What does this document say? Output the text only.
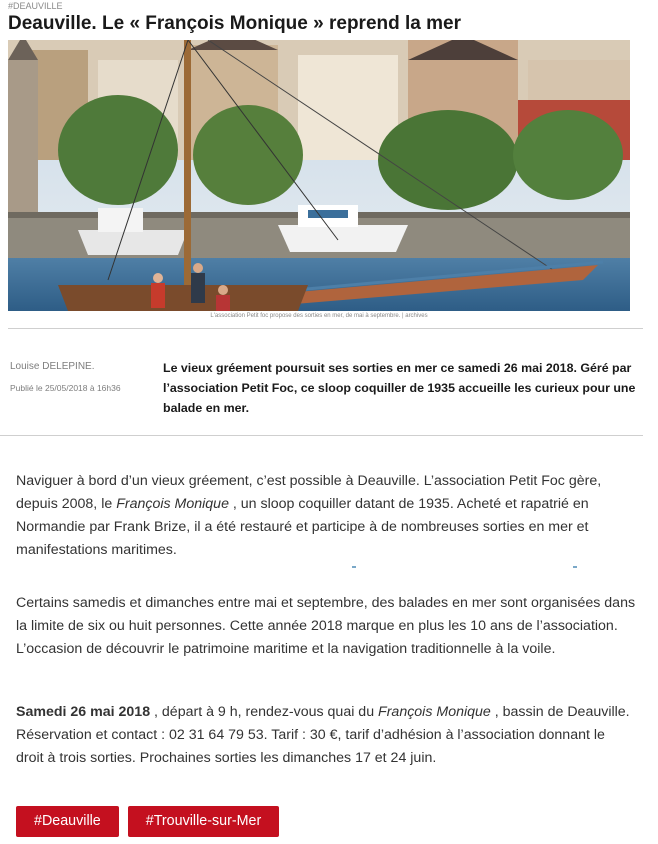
#DEAUVILLE
Deauville. Le « François Monique » reprend la mer
L'association Petit foc propose des sorties en mer, de mai à septembre. | archives
Louise DELEPINE.
Publié le 25/05/2018 à 16h36

Le vieux gréement poursuit ses sorties en mer ce samedi 26 mai 2018. Géré par l’association Petit Foc, ce sloop coquiller de 1935 accueille les curieux pour une balade en mer.

Naviguer à bord d’un vieux gréement, c’est possible à Deauville. L’association Petit Foc gère, depuis 2008, le François Monique , un sloop coquiller datant de 1935. Acheté et rapatrié en Normandie par Frank Brize, il a été restauré et participe à de nombreuses sorties en mer et manifestations maritimes.

Certains samedis et dimanches entre mai et septembre, des balades en mer sont organisées dans la limite de six ou huit personnes. Cette année 2018 marque en plus les 10 ans de l’association. L’occasion de découvrir le patrimoine maritime et la navigation traditionnelle à la voile.

Samedi 26 mai 2018 , départ à 9 h, rendez-vous quai du François Monique , bassin de Deauville. Réservation et contact : 02 31 64 79 53. Tarif : 30 €, tarif d’adhésion à l’association donnant le droit à trois sorties. Prochaines sorties les dimanches 17 et 24 juin.

#Deauville	#Trouville-sur-Mer
